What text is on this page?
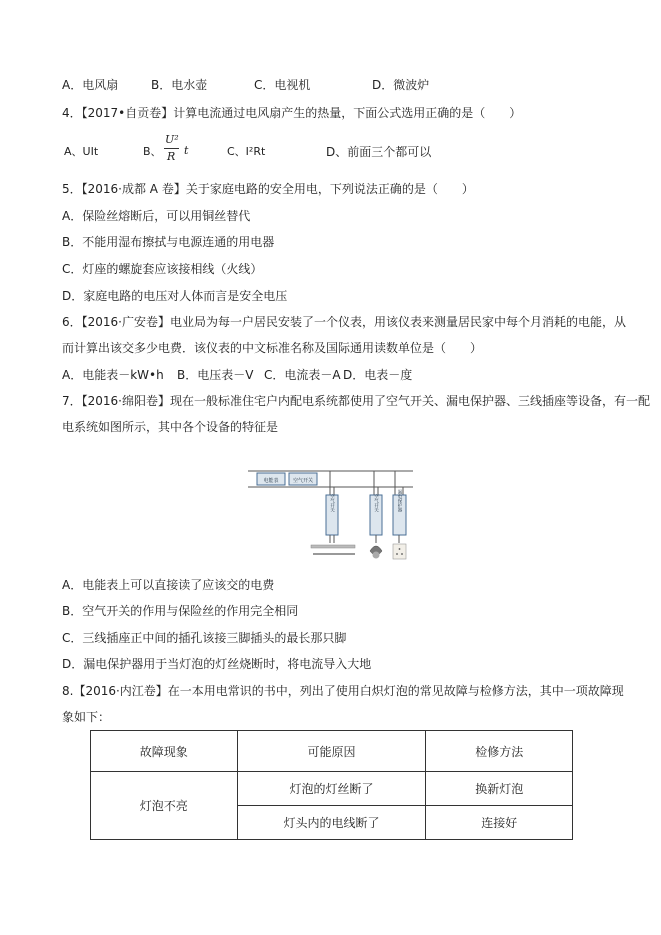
A．电风扇	B．电水壶	C．电视机	D．微波炉
4．【2017•自贡卷】计算电流通过电风扇产生的热量，下面公式选用正确的是（　　）
A、UIt	B、
U²
R t	C、I²Rt	D、前面三个都可以
5．【2016·成都 A 卷】关于家庭电路的安全用电，下列说法正确的是（　　）
A．保险丝熔断后，可以用铜丝替代
B．不能用湿布擦拭与电源连通的用电器
C．灯座的螺旋套应该接相线（火线）
D．家庭电路的电压对人体而言是安全电压
6．【2016·广安卷】电业局为每一户居民安装了一个仪表，用该仪表来测量居民家中每个月消耗的电能，从
而计算出该交多少电费．该仪表的中文标准名称及国际通用读数单位是（　　）
A．电能表－kW•h B．电压表－V C．电流表－A D．电表－度
7．【2016·绵阳卷】现在一般标准住宅户内配电系统都使用了空气开关、漏电保护器、三线插座等设备，有一配
电系统如图所示，其中各个设备的特征是
电能表	空气开关
空气开关	空气开关	漏电保护器
A．电能表上可以直接读了应该交的电费
B．空气开关的作用与保险丝的作用完全相同
C．三线插座正中间的插孔该接三脚插头的最长那只脚
D．漏电保护器用于当灯泡的灯丝烧断时，将电流导入大地
8.【2016·内江卷】在一本用电常识的书中，列出了使用白炽灯泡的常见故障与检修方法，其中一项故障现
象如下：
故障现象	可能原因	检修方法
灯泡不亮	灯泡的灯丝断了	换新灯泡
	灯头内的电线断了	连接好
